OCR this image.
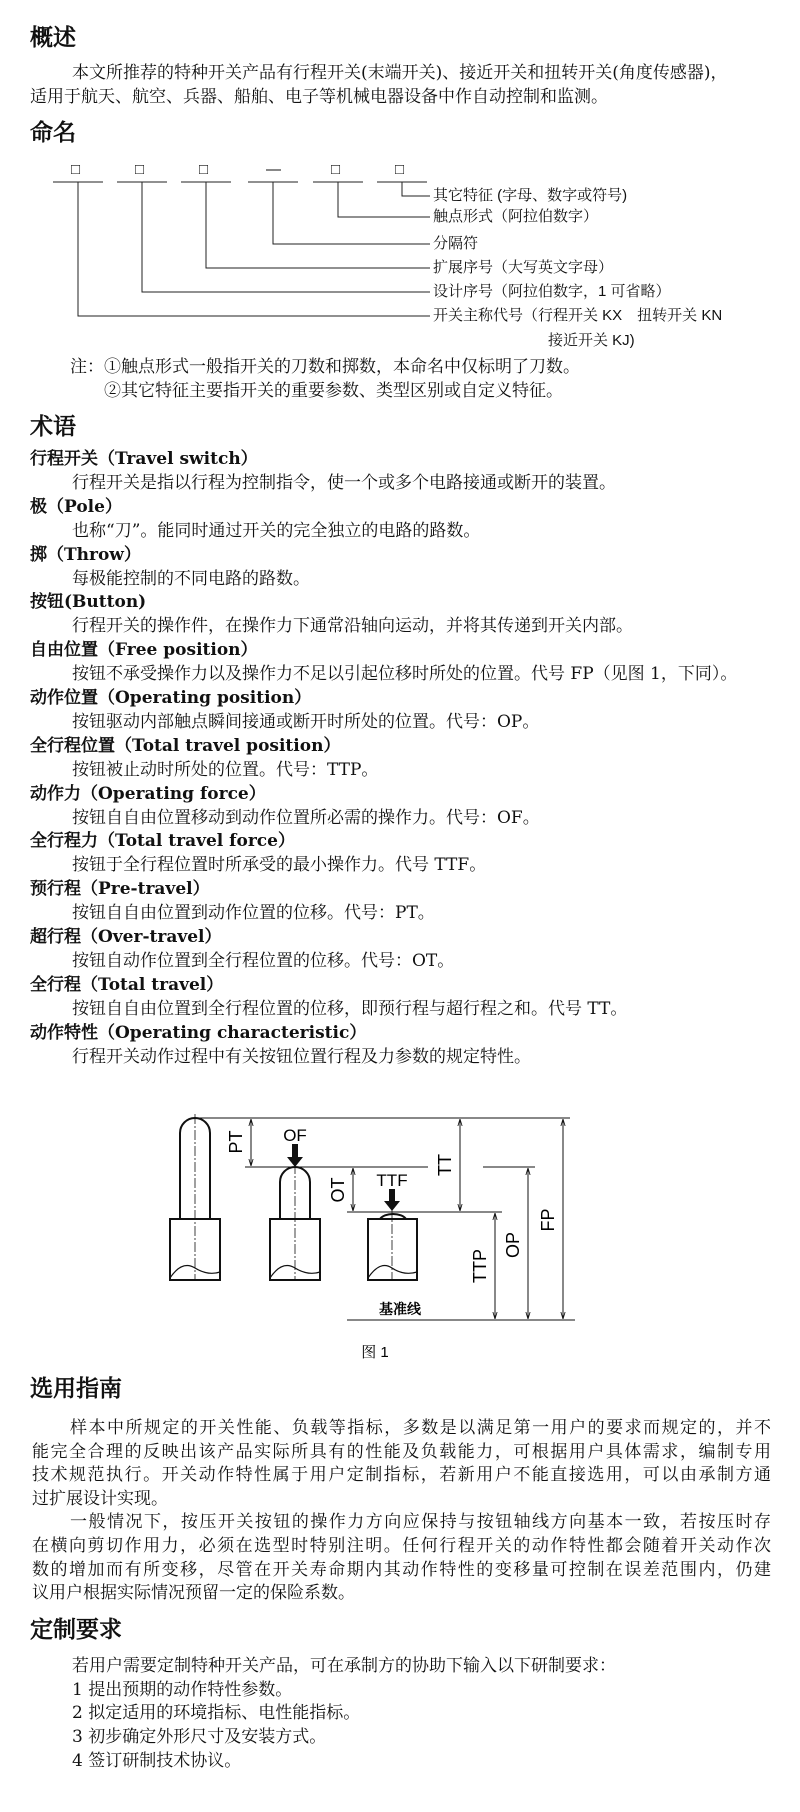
概述
本文所推荐的特种开关产品有行程开关(末端开关)、接近开关和扭转开关(角度传感器)，
适用于航天、航空、兵器、船舶、电子等机械电器设备中作自动控制和监测。
命名
□	□	□	—	□	□
其它特征 (字母、数字或符号)
触点形式（阿拉伯数字）
分隔符
扩展序号（大写英文字母）
设计序号（阿拉伯数字，1 可省略）
开关主称代号（行程开关 KX　扭转开关 KN
接近开关 KJ)
注：①触点形式一般指开关的刀数和掷数，本命名中仅标明了刀数。
②其它特征主要指开关的重要参数、类型区别或自定义特征。
术语
行程开关（Travel switch）
行程开关是指以行程为控制指令，使一个或多个电路接通或断开的装置。
极（Pole）
也称“刀”。能同时通过开关的完全独立的电路的路数。
掷（Throw）
每极能控制的不同电路的路数。
按钮(Button)
行程开关的操作件，在操作力下通常沿轴向运动，并将其传递到开关内部。
自由位置（Free position）
按钮不承受操作力以及操作力不足以引起位移时所处的位置。代号 FP（见图 1，下同）。
动作位置（Operating position）
按钮驱动内部触点瞬间接通或断开时所处的位置。代号：OP。
全行程位置（Total travel position）
按钮被止动时所处的位置。代号：TTP。
动作力（Operating force）
按钮自自由位置移动到动作位置所必需的操作力。代号：OF。
全行程力（Total travel force）
按钮于全行程位置时所承受的最小操作力。代号 TTF。
预行程（Pre-travel）
按钮自自由位置到动作位置的位移。代号：PT。
超行程（Over-travel）
按钮自动作位置到全行程位置的位移。代号：OT。
全行程（Total travel）
按钮自自由位置到全行程位置的位移，即预行程与超行程之和。代号 TT。
动作特性（Operating characteristic）
行程开关动作过程中有关按钮位置行程及力参数的规定特性。
OF
TTF
PT
OT
TT
TTP
OP
FP
基准线
图 1
选用指南
样本中所规定的开关性能、负载等指标，多数是以满足第一用户的要求而规定的，并不
能完全合理的反映出该产品实际所具有的性能及负载能力，可根据用户具体需求，编制专用
技术规范执行。开关动作特性属于用户定制指标，若新用户不能直接选用，可以由承制方通
过扩展设计实现。
一般情况下，按压开关按钮的操作力方向应保持与按钮轴线方向基本一致，若按压时存
在横向剪切作用力，必须在选型时特别注明。任何行程开关的动作特性都会随着开关动作次
数的增加而有所变移，尽管在开关寿命期内其动作特性的变移量可控制在误差范围内，仍建
议用户根据实际情况预留一定的保险系数。
定制要求
若用户需要定制特种开关产品，可在承制方的协助下输入以下研制要求：
1 提出预期的动作特性参数。
2 拟定适用的环境指标、电性能指标。
3 初步确定外形尺寸及安装方式。
4 签订研制技术协议。
